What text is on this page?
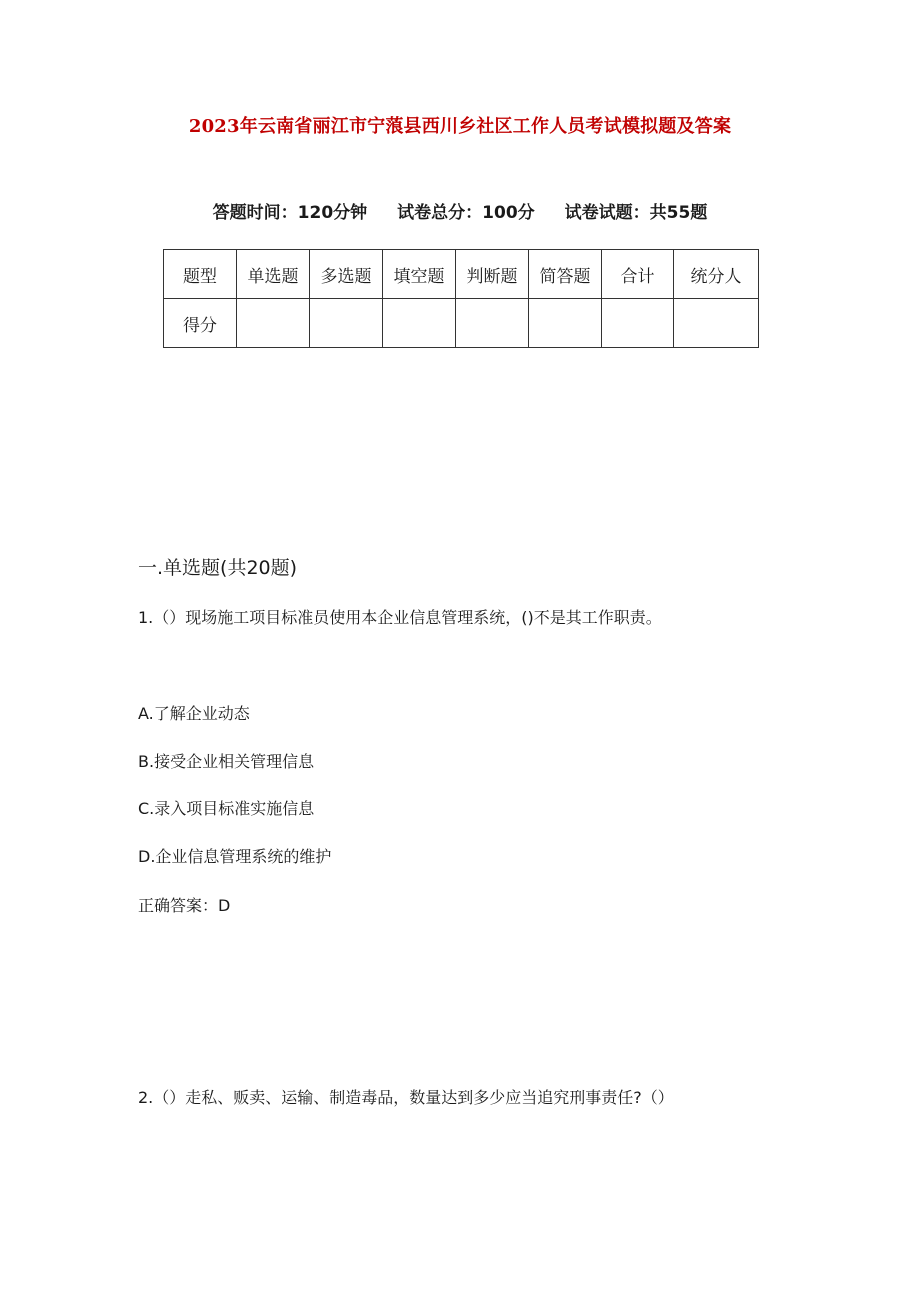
2023年云南省丽江市宁蒗县西川乡社区工作人员考试模拟题及答案
答题时间：120分钟 试卷总分：100分 试卷试题：共55题
题型	单选题	多选题	填空题	判断题	简答题	合计	统分人
得分							
一.单选题(共20题)
1.（）现场施工项目标准员使用本企业信息管理系统，()不是其工作职责。
A.了解企业动态
B.接受企业相关管理信息
C.录入项目标准实施信息
D.企业信息管理系统的维护
正确答案：D
2.（）走私、贩卖、运输、制造毒品，数量达到多少应当追究刑事责任?（）
